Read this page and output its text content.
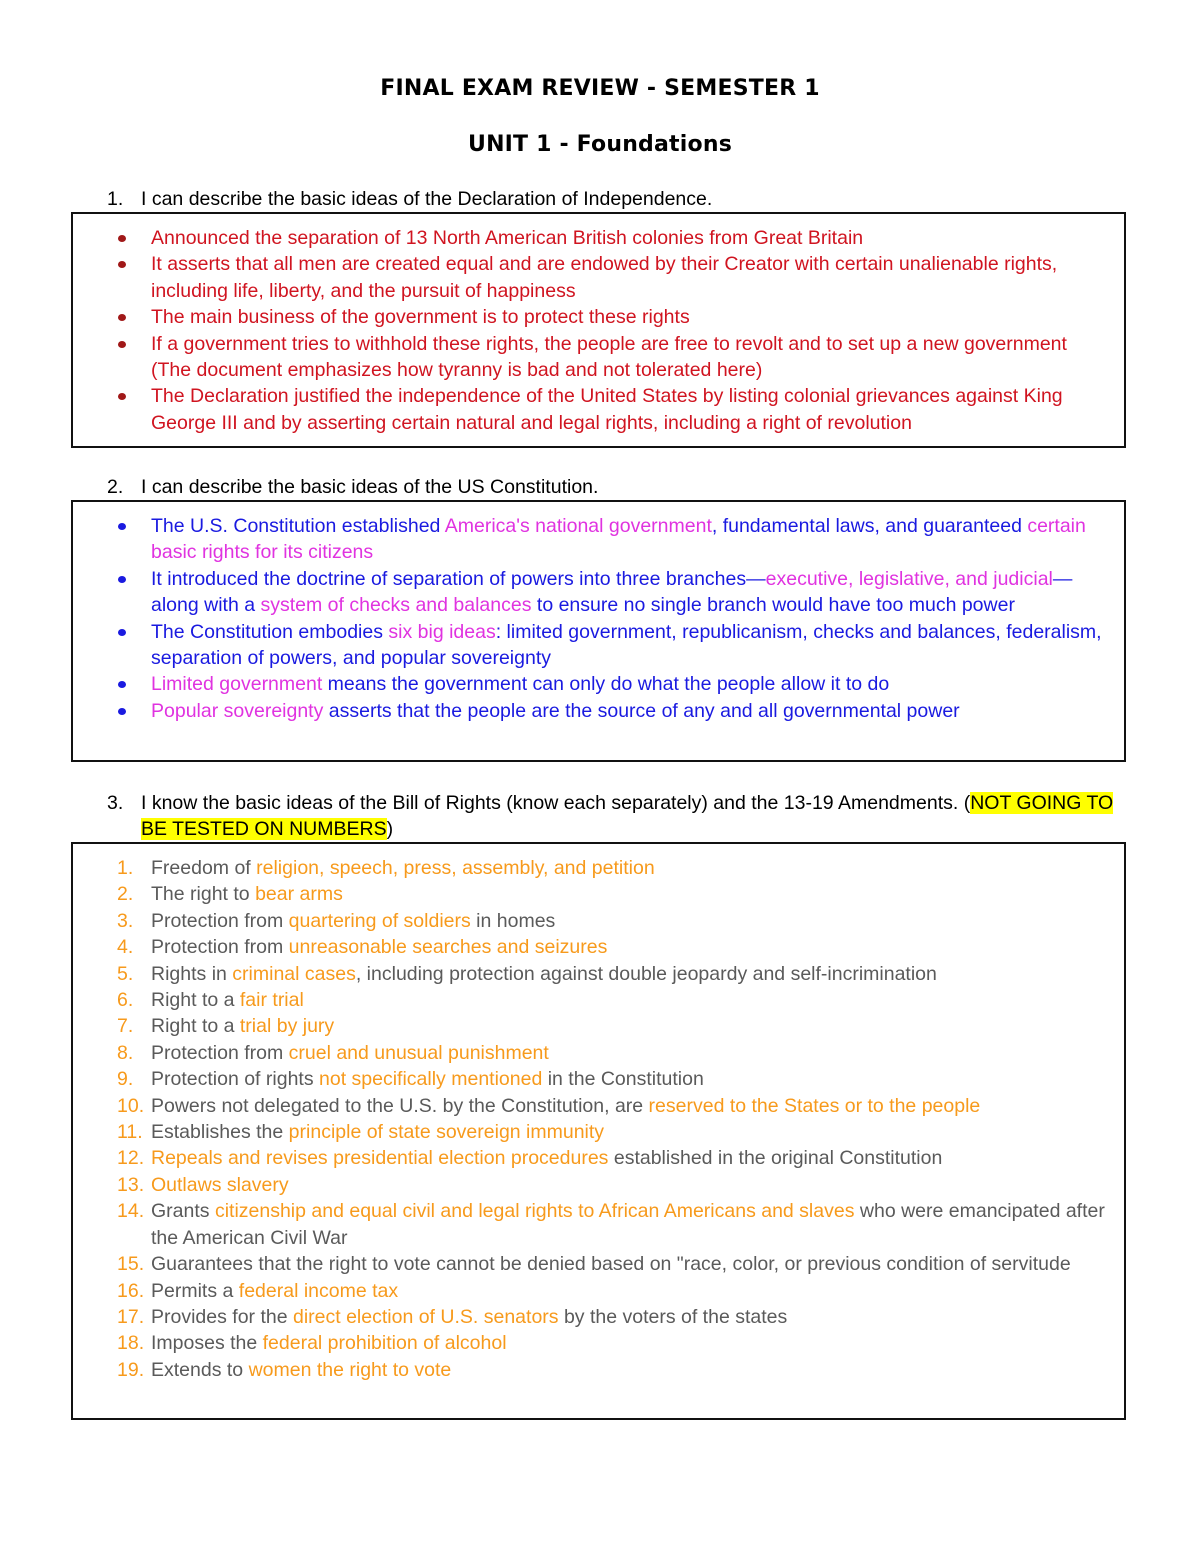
FINAL EXAM REVIEW - SEMESTER 1
UNIT 1 - Foundations
1. I can describe the basic ideas of the Declaration of Independence.
Announced the separation of 13 North American British colonies from Great Britain
It asserts that all men are created equal and are endowed by their Creator with certain unalienable rights, including life, liberty, and the pursuit of happiness
The main business of the government is to protect these rights
If a government tries to withhold these rights, the people are free to revolt and to set up a new government (The document emphasizes how tyranny is bad and not tolerated here)
The Declaration justified the independence of the United States by listing colonial grievances against King George III and by asserting certain natural and legal rights, including a right of revolution
2. I can describe the basic ideas of the US Constitution.
The U.S. Constitution established America's national government, fundamental laws, and guaranteed certain basic rights for its citizens
It introduced the doctrine of separation of powers into three branches—executive, legislative, and judicial—along with a system of checks and balances to ensure no single branch would have too much power
The Constitution embodies six big ideas: limited government, republicanism, checks and balances, federalism, separation of powers, and popular sovereignty
Limited government means the government can only do what the people allow it to do
Popular sovereignty asserts that the people are the source of any and all governmental power
3. I know the basic ideas of the Bill of Rights (know each separately) and the 13-19 Amendments. (NOT GOING TO BE TESTED ON NUMBERS)
1. Freedom of religion, speech, press, assembly, and petition
2. The right to bear arms
3. Protection from quartering of soldiers in homes
4. Protection from unreasonable searches and seizures
5. Rights in criminal cases, including protection against double jeopardy and self-incrimination
6. Right to a fair trial
7. Right to a trial by jury
8. Protection from cruel and unusual punishment
9. Protection of rights not specifically mentioned in the Constitution
10. Powers not delegated to the U.S. by the Constitution, are reserved to the States or to the people
11. Establishes the principle of state sovereign immunity
12. Repeals and revises presidential election procedures established in the original Constitution
13. Outlaws slavery
14. Grants citizenship and equal civil and legal rights to African Americans and slaves who were emancipated after the American Civil War
15. Guarantees that the right to vote cannot be denied based on "race, color, or previous condition of servitude
16. Permits a federal income tax
17. Provides for the direct election of U.S. senators by the voters of the states
18. Imposes the federal prohibition of alcohol
19. Extends to women the right to vote
